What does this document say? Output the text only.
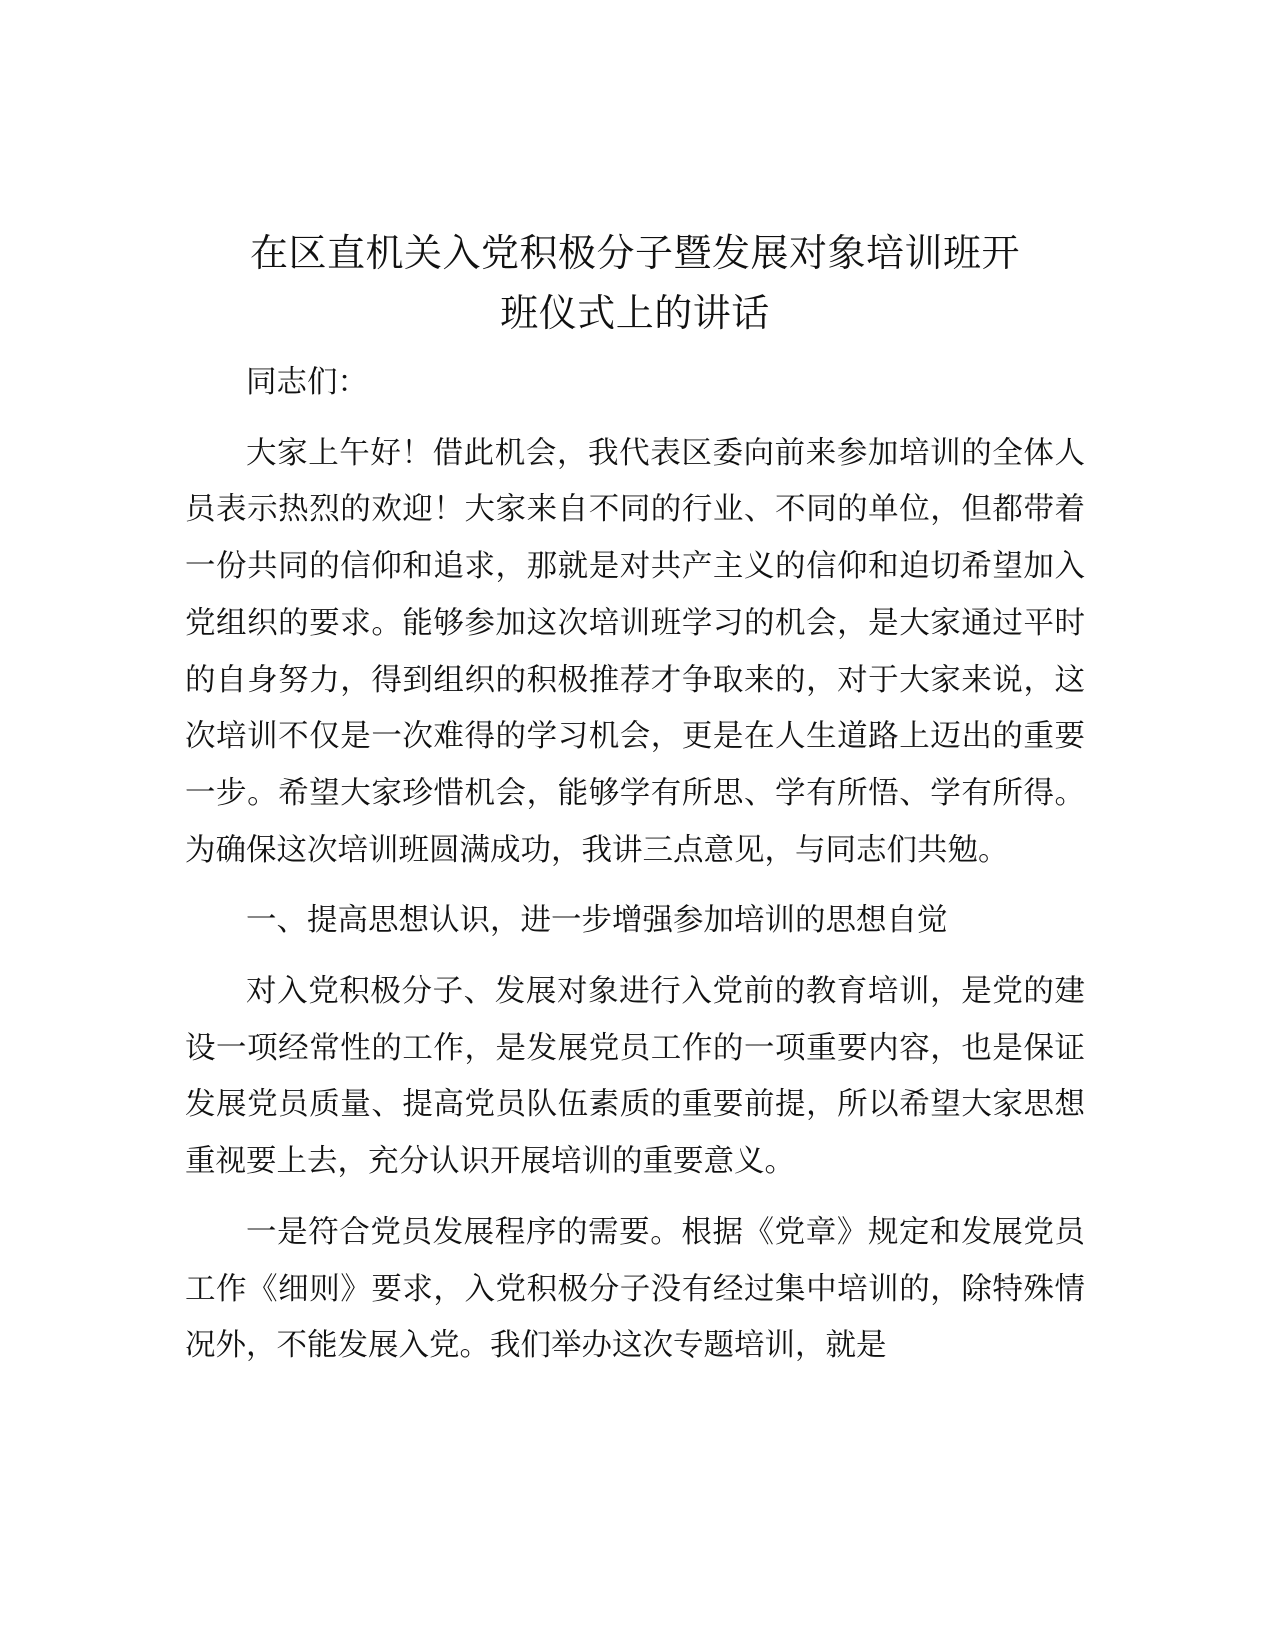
在区直机关入党积极分子暨发展对象培训班开
班仪式上的讲话

同志们：

大家上午好！借此机会，我代表区委向前来参加培训的全体人员表示热烈的欢迎！大家来自不同的行业、不同的单位，但都带着一份共同的信仰和追求，那就是对共产主义的信仰和迫切希望加入党组织的要求。能够参加这次培训班学习的机会，是大家通过平时的自身努力，得到组织的积极推荐才争取来的，对于大家来说，这次培训不仅是一次难得的学习机会，更是在人生道路上迈出的重要一步。希望大家珍惜机会，能够学有所思、学有所悟、学有所得。为确保这次培训班圆满成功，我讲三点意见，与同志们共勉。

一、提高思想认识，进一步增强参加培训的思想自觉

对入党积极分子、发展对象进行入党前的教育培训，是党的建设一项经常性的工作，是发展党员工作的一项重要内容，也是保证发展党员质量、提高党员队伍素质的重要前提，所以希望大家思想重视要上去，充分认识开展培训的重要意义。

一是符合党员发展程序的需要。根据《党章》规定和发展党员工作《细则》要求，入党积极分子没有经过集中培训的，除特殊情况外，不能发展入党。我们举办这次专题培训，就是
